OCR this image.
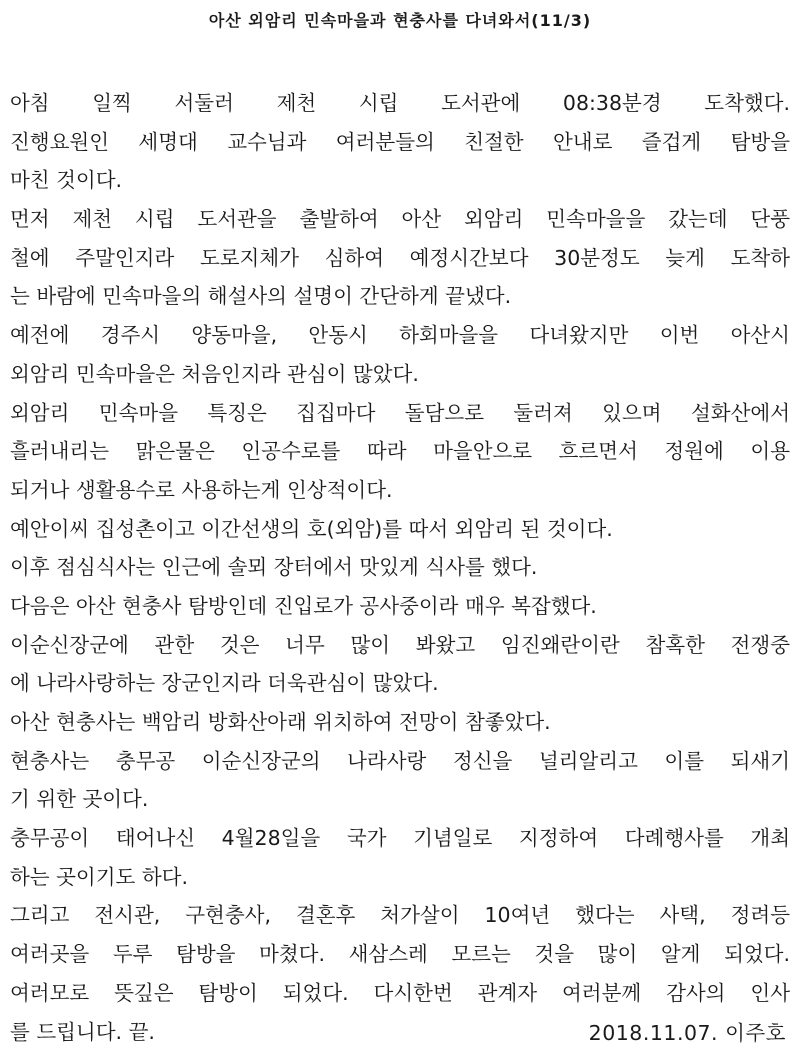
아산 외암리 민속마을과 현충사를 다녀와서(11/3)
아침 일찍 서둘러 제천 시립 도서관에 08:38분경 도착했다.
진행요원인 세명대 교수님과 여러분들의 친절한 안내로 즐겁게 탐방을
마친 것이다.
먼저 제천 시립 도서관을 출발하여 아산 외암리 민속마을을 갔는데 단풍
철에 주말인지라 도로지체가 심하여 예정시간보다 30분정도 늦게 도착하
는 바람에 민속마을의 해설사의 설명이 간단하게 끝냈다.
예전에 경주시 양동마을, 안동시 하회마을을 다녀왔지만 이번 아산시
외암리 민속마을은 처음인지라 관심이 많았다.
외암리 민속마을 특징은 집집마다 돌담으로 둘러져 있으며 설화산에서
흘러내리는 맑은물은 인공수로를 따라 마을안으로 흐르면서 정원에 이용
되거나 생활용수로 사용하는게 인상적이다.
예안이씨 집성촌이고 이간선생의 호(외암)를 따서 외암리 된 것이다.
이후 점심식사는 인근에 솔뫼 장터에서 맛있게 식사를 했다.
다음은 아산 현충사 탐방인데 진입로가 공사중이라 매우 복잡했다.
이순신장군에 관한 것은 너무 많이 봐왔고 임진왜란이란 참혹한 전쟁중
에 나라사랑하는 장군인지라 더욱관심이 많았다.
아산 현충사는 백암리 방화산아래 위치하여 전망이 참좋았다.
현충사는 충무공 이순신장군의 나라사랑 정신을 널리알리고 이를 되새기
기 위한 곳이다.
충무공이 태어나신 4월28일을 국가 기념일로 지정하여 다례행사를 개최
하는 곳이기도 하다.
그리고 전시관, 구현충사, 결혼후 처가살이 10여년 했다는 사택, 정려등
여러곳을 두루 탐방을 마쳤다. 새삼스레 모르는 것을 많이 알게 되었다.
여러모로 뜻깊은 탐방이 되었다. 다시한번 관계자 여러분께 감사의 인사
를 드립니다. 끝.	2018.11.07. 이주호
